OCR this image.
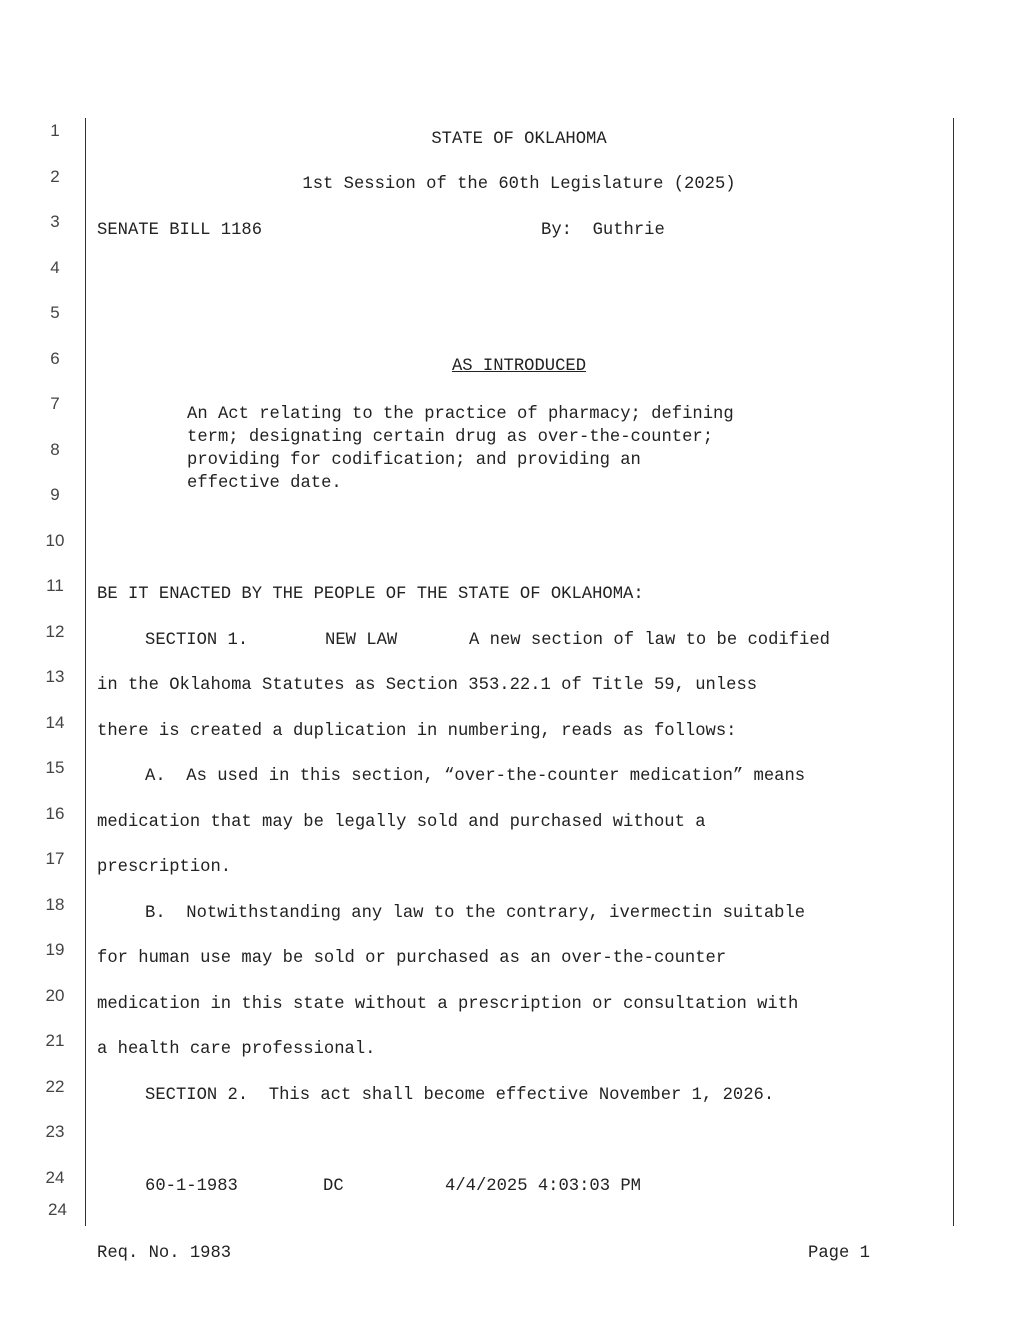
1
2
3
4
5
6
7
8
9
10
11
12
13
14
15
16
17
18
19
20
21
22
23
24
24
STATE OF OKLAHOMA
1st Session of the 60th Legislature (2025)
SENATE BILL 1186	By:  Guthrie
AS INTRODUCED
An Act relating to the practice of pharmacy; defining
term; designating certain drug as over-the-counter;
providing for codification; and providing an
effective date.
BE IT ENACTED BY THE PEOPLE OF THE STATE OF OKLAHOMA:
SECTION 1.	NEW LAW	A new section of law to be codified
in the Oklahoma Statutes as Section 353.22.1 of Title 59, unless
there is created a duplication in numbering, reads as follows:
A.  As used in this section, “over-the-counter medication” means
medication that may be legally sold and purchased without a
prescription.
B.  Notwithstanding any law to the contrary, ivermectin suitable
for human use may be sold or purchased as an over-the-counter
medication in this state without a prescription or consultation with
a health care professional.
SECTION 2.  This act shall become effective November 1, 2026.
60-1-1983	DC	4/4/2025 4:03:03 PM
Req. No. 1983	Page 1
